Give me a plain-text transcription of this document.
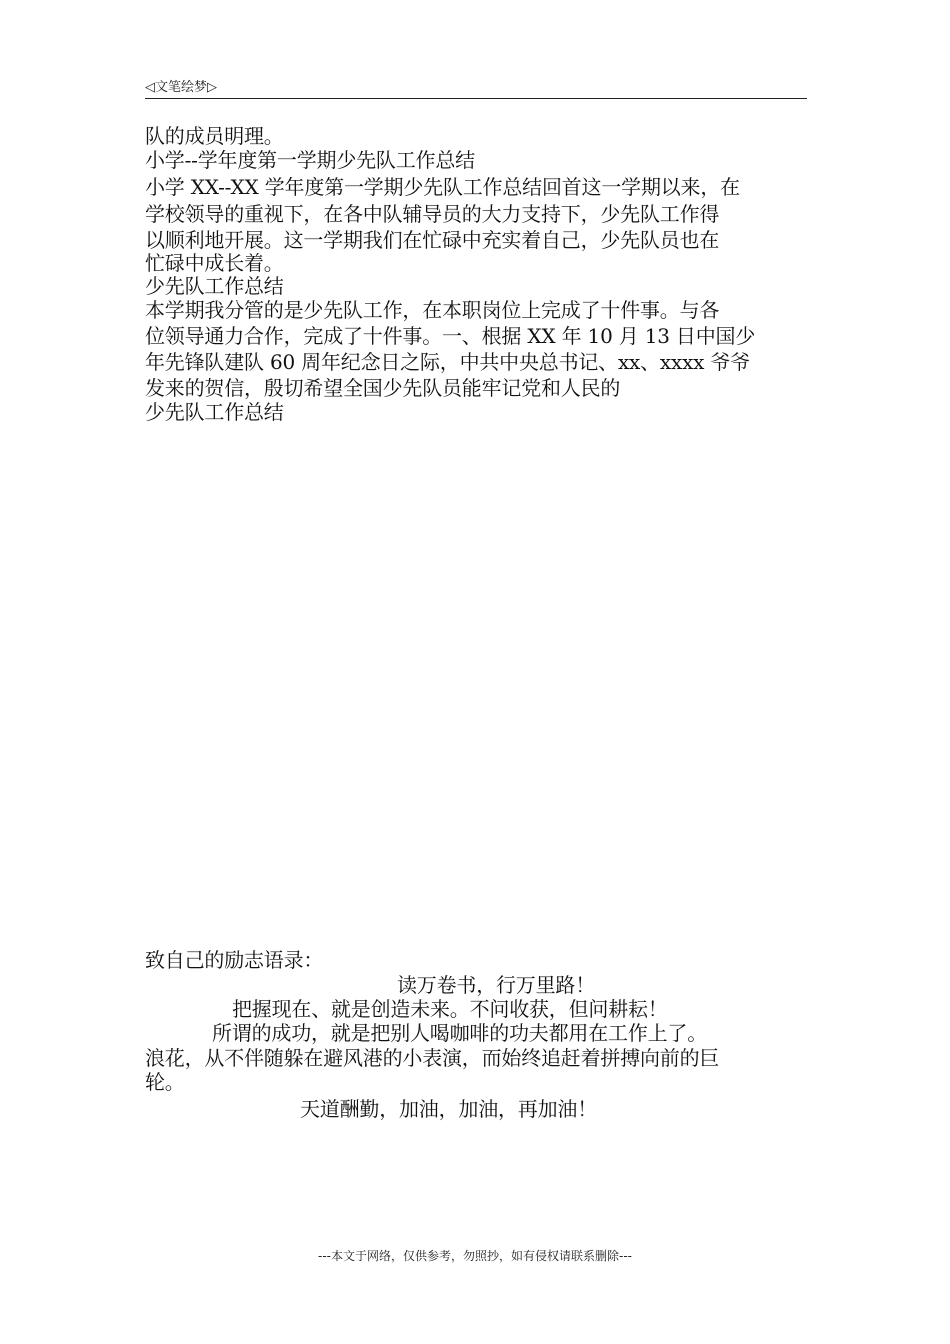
◁文笔绘梦▷
队的成员明理。
小学--学年度第一学期少先队工作总结
小学 XX--XX 学年度第一学期少先队工作总结回首这一学期以来，在
学校领导的重视下，在各中队辅导员的大力支持下，少先队工作得
以顺利地开展。这一学期我们在忙碌中充实着自己，少先队员也在
忙碌中成长着。
少先队工作总结
本学期我分管的是少先队工作，在本职岗位上完成了十件事。与各
位领导通力合作，完成了十件事。一、根据 XX 年 10 月 13 日中国少
年先锋队建队 60 周年纪念日之际，中共中央总书记、xx、xxxx 爷爷
发来的贺信，殷切希望全国少先队员能牢记党和人民的
少先队工作总结
致自己的励志语录：
读万卷书，行万里路！
把握现在、就是创造未来。不问收获，但问耕耘！
所谓的成功，就是把别人喝咖啡的功夫都用在工作上了。
浪花，从不伴随躲在避风港的小表演，而始终追赶着拼搏向前的巨
轮。
天道酬勤，加油，加油，再加油！
---本文于网络，仅供参考，勿照抄，如有侵权请联系删除---
